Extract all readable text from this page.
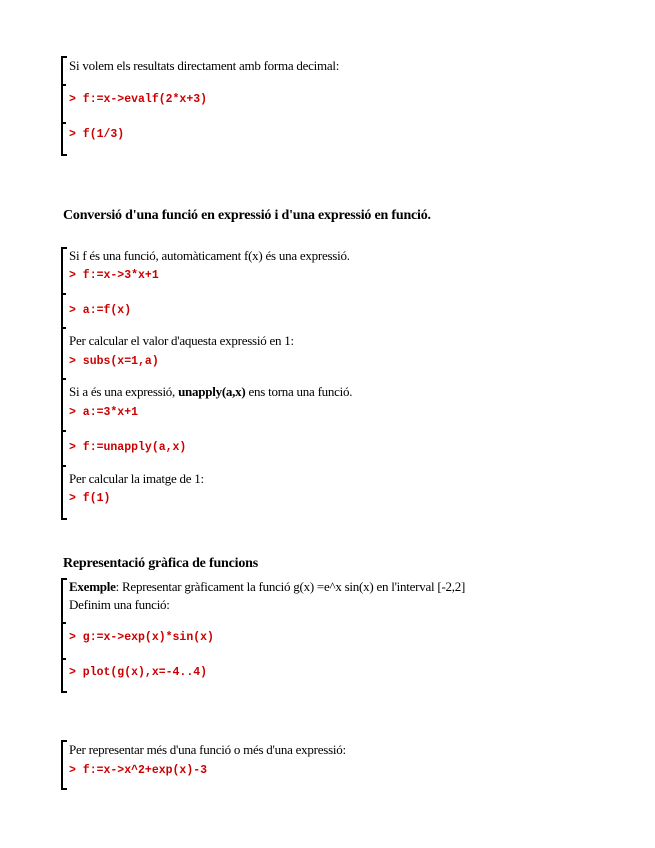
Si volem els resultats directament amb forma decimal:
> f:=x->evalf(2*x+3)
> f(1/3)
Conversió d'una funció en expressió i d'una expressió en funció.
Si f és una funció, automàticament f(x) és una expressió.
> f:=x->3*x+1
> a:=f(x)
Per calcular el valor d'aquesta expressió en 1:
> subs(x=1,a)
Si a és una expressió, unapply(a,x) ens torna una funció.
> a:=3*x+1
> f:=unapply(a,x)
Per calcular la imatge de 1:
> f(1)
Representació gràfica de funcions
Exemple: Representar gràficament la funció g(x) =e^x sin(x) en l'interval [-2,2]
Definim una funció:
> g:=x->exp(x)*sin(x)
> plot(g(x),x=-4..4)
Per representar més d'una funció o més d'una expressió:
> f:=x->x^2+exp(x)-3
